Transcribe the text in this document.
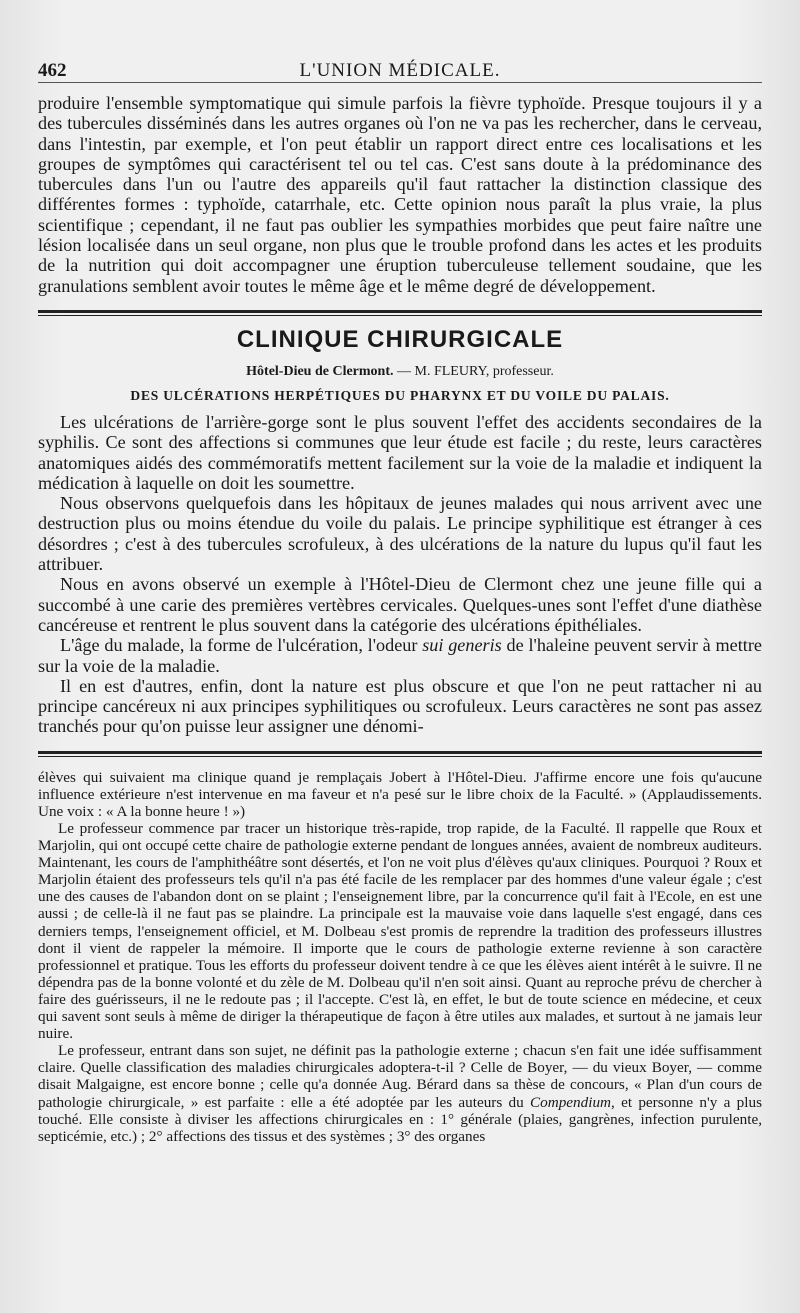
462	L'UNION MÉDICALE.

produire l'ensemble symptomatique qui simule parfois la fièvre typhoïde. Presque toujours il y a des tubercules disséminés dans les autres organes où l'on ne va pas les rechercher, dans le cerveau, dans l'intestin, par exemple, et l'on peut établir un rapport direct entre ces localisations et les groupes de symptômes qui caractérisent tel ou tel cas. C'est sans doute à la prédominance des tubercules dans l'un ou l'autre des appareils qu'il faut rattacher la distinction classique des différentes formes : typhoïde, catarrhale, etc. Cette opinion nous paraît la plus vraie, la plus scientifique ; cependant, il ne faut pas oublier les sympathies morbides que peut faire naître une lésion localisée dans un seul organe, non plus que le trouble profond dans les actes et les produits de la nutrition qui doit accompagner une éruption tuberculeuse tellement soudaine, que les granulations semblent avoir toutes le même âge et le même degré de développement.

CLINIQUE CHIRURGICALE
Hôtel-Dieu de Clermont. — M. FLEURY, professeur.
DES ULCÉRATIONS HERPÉTIQUES DU PHARYNX ET DU VOILE DU PALAIS.

Les ulcérations de l'arrière-gorge sont le plus souvent l'effet des accidents secondaires de la syphilis. Ce sont des affections si communes que leur étude est facile ; du reste, leurs caractères anatomiques aidés des commémoratifs mettent facilement sur la voie de la maladie et indiquent la médication à laquelle on doit les soumettre.

Nous observons quelquefois dans les hôpitaux de jeunes malades qui nous arrivent avec une destruction plus ou moins étendue du voile du palais. Le principe syphilitique est étranger à ces désordres ; c'est à des tubercules scrofuleux, à des ulcérations de la nature du lupus qu'il faut les attribuer.

Nous en avons observé un exemple à l'Hôtel-Dieu de Clermont chez une jeune fille qui a succombé à une carie des premières vertèbres cervicales. Quelques-unes sont l'effet d'une diathèse cancéreuse et rentrent le plus souvent dans la catégorie des ulcérations épithéliales.

L'âge du malade, la forme de l'ulcération, l'odeur sui generis de l'haleine peuvent servir à mettre sur la voie de la maladie.

Il en est d'autres, enfin, dont la nature est plus obscure et que l'on ne peut rattacher ni au principe cancéreux ni aux principes syphilitiques ou scrofuleux. Leurs caractères ne sont pas assez tranchés pour qu'on puisse leur assigner une dénomi-

élèves qui suivaient ma clinique quand je remplaçais Jobert à l'Hôtel-Dieu. J'affirme encore une fois qu'aucune influence extérieure n'est intervenue en ma faveur et n'a pesé sur le libre choix de la Faculté. » (Applaudissements. Une voix : « A la bonne heure ! »)

Le professeur commence par tracer un historique très-rapide, trop rapide, de la Faculté. Il rappelle que Roux et Marjolin, qui ont occupé cette chaire de pathologie externe pendant de longues années, avaient de nombreux auditeurs. Maintenant, les cours de l'amphithéâtre sont désertés, et l'on ne voit plus d'élèves qu'aux cliniques. Pourquoi ? Roux et Marjolin étaient des professeurs tels qu'il n'a pas été facile de les remplacer par des hommes d'une valeur égale ; c'est une des causes de l'abandon dont on se plaint ; l'enseignement libre, par la concurrence qu'il fait à l'Ecole, en est une aussi ; de celle-là il ne faut pas se plaindre. La principale est la mauvaise voie dans laquelle s'est engagé, dans ces derniers temps, l'enseignement officiel, et M. Dolbeau s'est promis de reprendre la tradition des professeurs illustres dont il vient de rappeler la mémoire. Il importe que le cours de pathologie externe revienne à son caractère professionnel et pratique. Tous les efforts du professeur doivent tendre à ce que les élèves aient intérêt à le suivre. Il ne dépendra pas de la bonne volonté et du zèle de M. Dolbeau qu'il n'en soit ainsi. Quant au reproche prévu de chercher à faire des guérisseurs, il ne le redoute pas ; il l'accepte. C'est là, en effet, le but de toute science en médecine, et ceux qui savent sont seuls à même de diriger la thérapeutique de façon à être utiles aux malades, et surtout à ne jamais leur nuire.

Le professeur, entrant dans son sujet, ne définit pas la pathologie externe ; chacun s'en fait une idée suffisamment claire. Quelle classification des maladies chirurgicales adoptera-t-il ? Celle de Boyer, — du vieux Boyer, — comme disait Malgaigne, est encore bonne ; celle qu'a donnée Aug. Bérard dans sa thèse de concours, « Plan d'un cours de pathologie chirurgicale, » est parfaite : elle a été adoptée par les auteurs du Compendium, et personne n'y a plus touché. Elle consiste à diviser les affections chirurgicales en : 1° générale (plaies, gangrènes, infection purulente, septicémie, etc.) ; 2° affections des tissus et des systèmes ; 3° des organes
